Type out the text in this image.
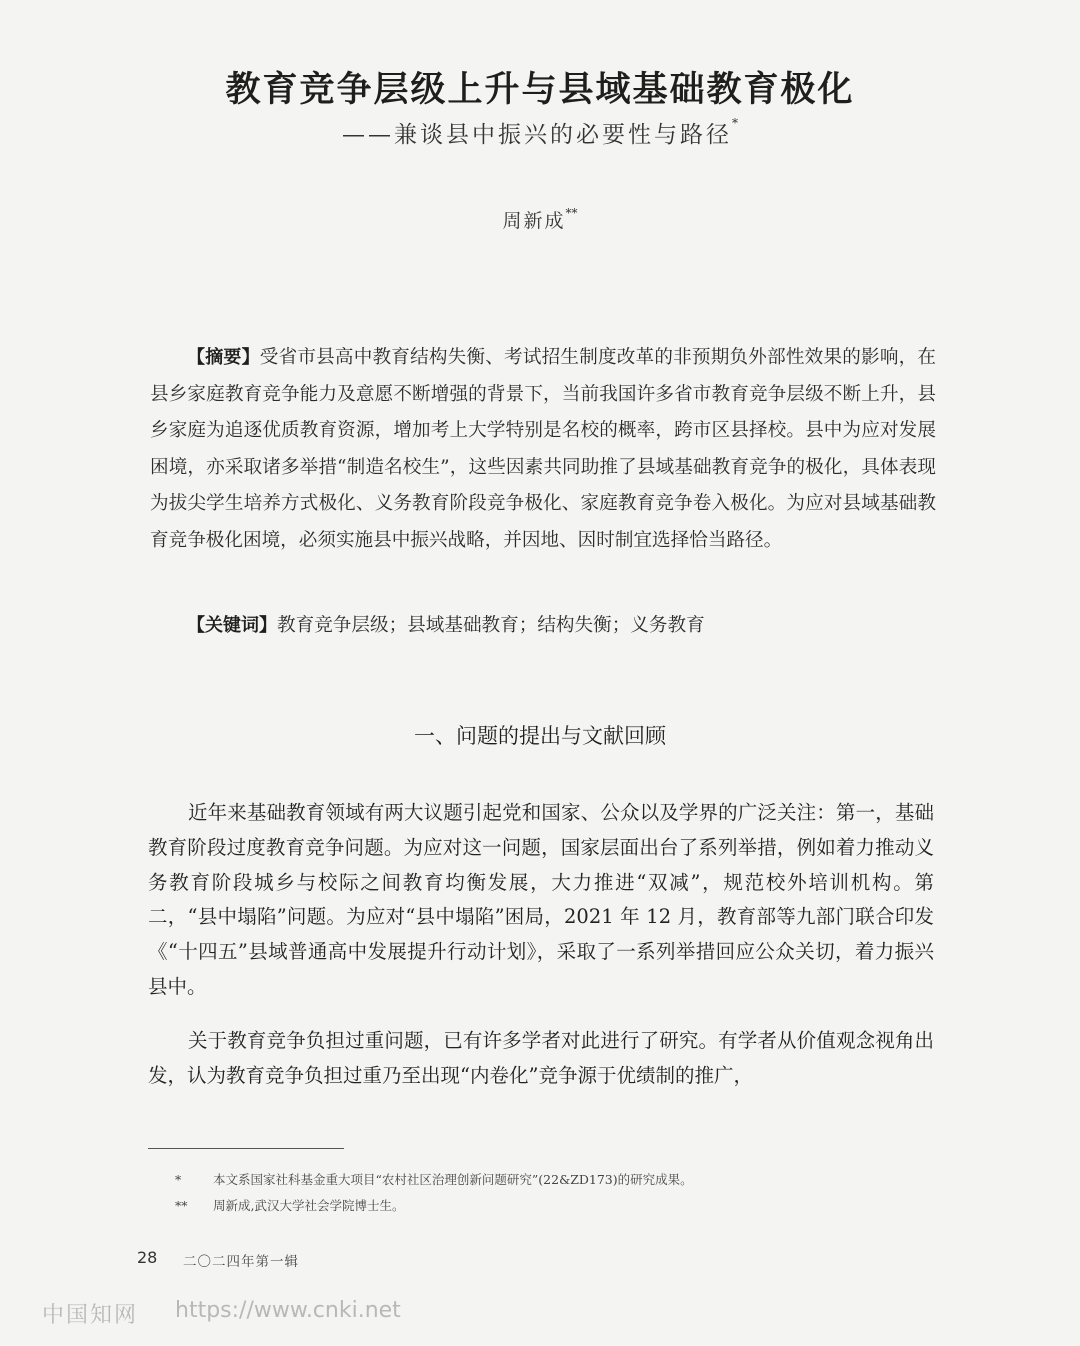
教育竞争层级上升与县域基础教育极化
——兼谈县中振兴的必要性与路径*
周新成**

【摘要】受省市县高中教育结构失衡、考试招生制度改革的非预期负外部性效果的影响，在县乡家庭教育竞争能力及意愿不断增强的背景下，当前我国许多省市教育竞争层级不断上升，县乡家庭为追逐优质教育资源，增加考上大学特别是名校的概率，跨市区县择校。县中为应对发展困境，亦采取诸多举措“制造名校生”，这些因素共同助推了县域基础教育竞争的极化，具体表现为拔尖学生培养方式极化、义务教育阶段竞争极化、家庭教育竞争卷入极化。为应对县域基础教育竞争极化困境，必须实施县中振兴战略，并因地、因时制宜选择恰当路径。

【关键词】教育竞争层级；县域基础教育；结构失衡；义务教育

一、问题的提出与文献回顾

近年来基础教育领域有两大议题引起党和国家、公众以及学界的广泛关注：第一，基础教育阶段过度教育竞争问题。为应对这一问题，国家层面出台了系列举措，例如着力推动义务教育阶段城乡与校际之间教育均衡发展，大力推进“双减”，规范校外培训机构。第二，“县中塌陷”问题。为应对“县中塌陷”困局，2021 年 12 月，教育部等九部门联合印发《“十四五”县域普通高中发展提升行动计划》，采取了一系列举措回应公众关切，着力振兴县中。

关于教育竞争负担过重问题，已有许多学者对此进行了研究。有学者从价值观念视角出发，认为教育竞争负担过重乃至出现“内卷化”竞争源于优绩制的推广，

*	本文系国家社科基金重大项目“农村社区治理创新问题研究”(22&ZD173)的研究成果。
** 周新成,武汉大学社会学院博士生。
28 二〇二四年第一辑
中国知网 https://www.cnki.net
